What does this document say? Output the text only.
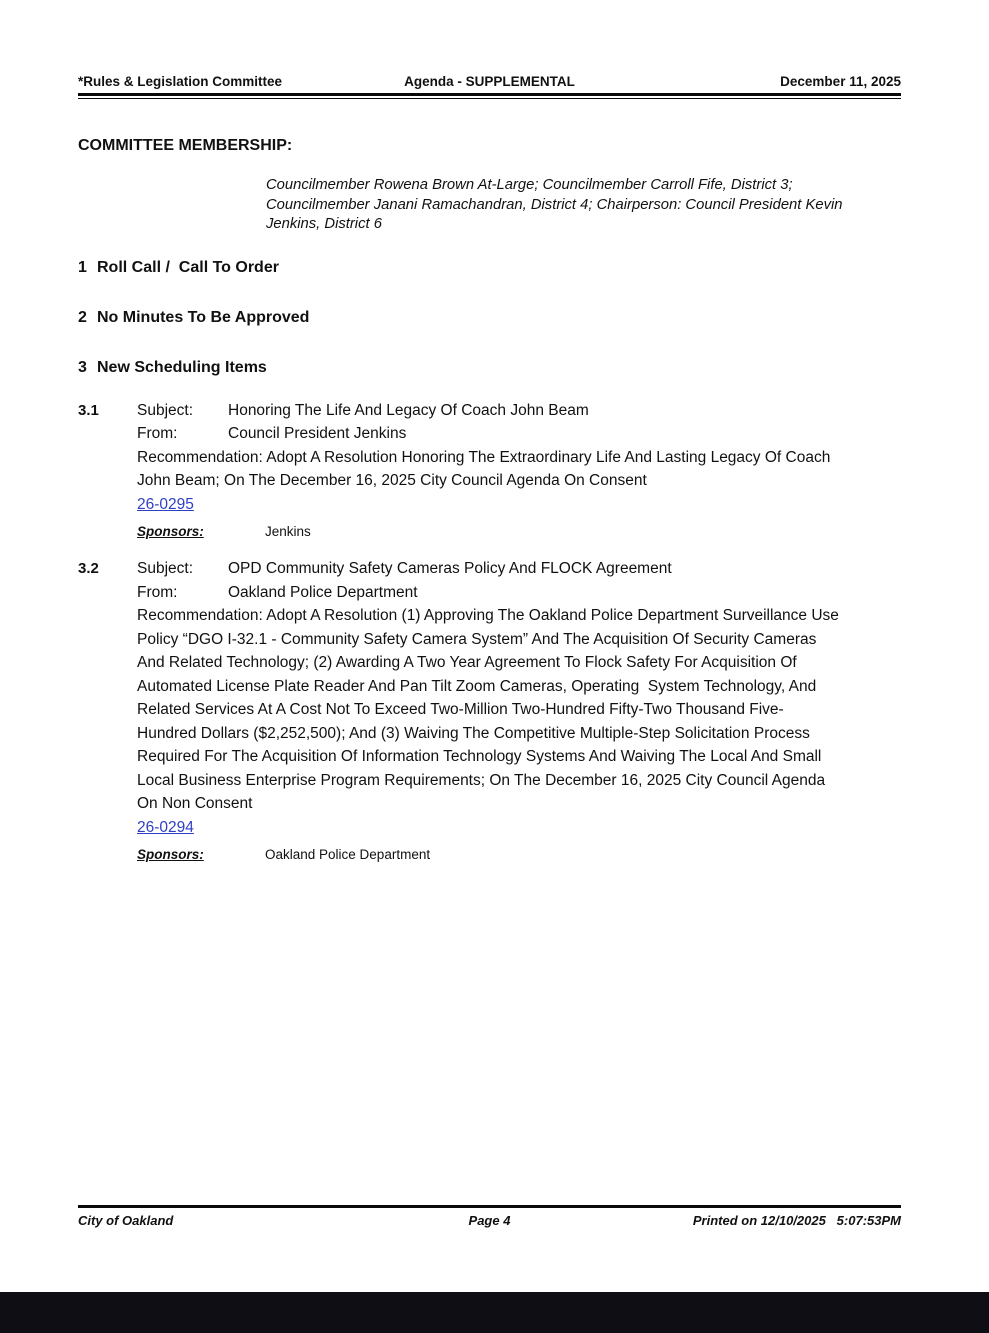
*Rules & Legislation Committee	Agenda - SUPPLEMENTAL	December 11, 2025
COMMITTEE MEMBERSHIP:
Councilmember Rowena Brown At-Large; Councilmember Carroll Fife, District 3; Councilmember Janani Ramachandran, District 4; Chairperson: Council President Kevin Jenkins, District 6
1 Roll Call /  Call To Order
2 No Minutes To Be Approved
3 New Scheduling Items
3.1	Subject:	Honoring The Life And Legacy Of Coach John Beam
From:	Council President Jenkins
Recommendation: Adopt A Resolution Honoring The Extraordinary Life And Lasting Legacy Of Coach John Beam; On The December 16, 2025 City Council Agenda On Consent
26-0295
Sponsors:	Jenkins
3.2	Subject:	OPD Community Safety Cameras Policy And FLOCK Agreement
From:	Oakland Police Department
Recommendation: Adopt A Resolution (1) Approving The Oakland Police Department Surveillance Use Policy “DGO I-32.1 - Community Safety Camera System” And The Acquisition Of Security Cameras And Related Technology; (2) Awarding A Two Year Agreement To Flock Safety For Acquisition Of Automated License Plate Reader And Pan Tilt Zoom Cameras, Operating  System Technology, And Related Services At A Cost Not To Exceed Two-Million Two-Hundred Fifty-Two Thousand Five-Hundred Dollars ($2,252,500); And (3) Waiving The Competitive Multiple-Step Solicitation Process Required For The Acquisition Of Information Technology Systems And Waiving The Local And Small Local Business Enterprise Program Requirements; On The December 16, 2025 City Council Agenda On Non Consent
26-0294
Sponsors:	Oakland Police Department
City of Oakland	Page 4	Printed on 12/10/2025   5:07:53PM
